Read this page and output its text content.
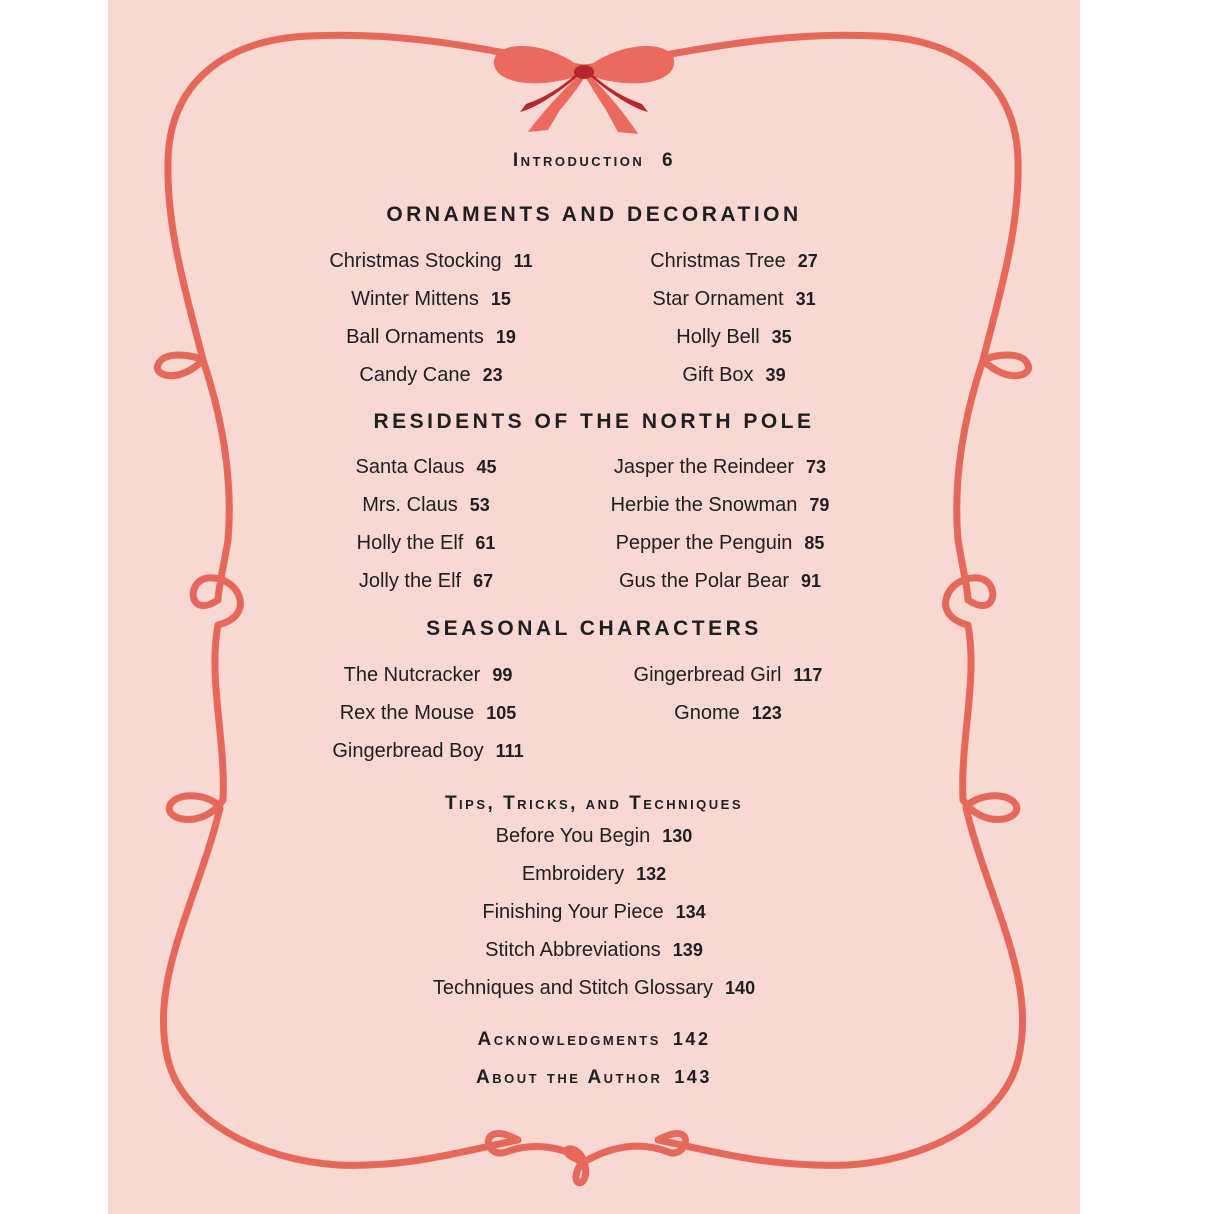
Introduction 6
ORNAMENTS AND DECORATION
Christmas Stocking 11
Winter Mittens 15
Ball Ornaments 19
Candy Cane 23
Christmas Tree 27
Star Ornament 31
Holly Bell 35
Gift Box 39
RESIDENTS OF THE NORTH POLE
Santa Claus 45
Mrs. Claus 53
Holly the Elf 61
Jolly the Elf 67
Jasper the Reindeer 73
Herbie the Snowman 79
Pepper the Penguin 85
Gus the Polar Bear 91
SEASONAL CHARACTERS
The Nutcracker 99
Rex the Mouse 105
Gingerbread Boy 111
Gingerbread Girl 117
Gnome 123
Tips, Tricks, and Techniques
Before You Begin 130
Embroidery 132
Finishing Your Piece 134
Stitch Abbreviations 139
Techniques and Stitch Glossary 140
Acknowledgments 142
About the Author 143
